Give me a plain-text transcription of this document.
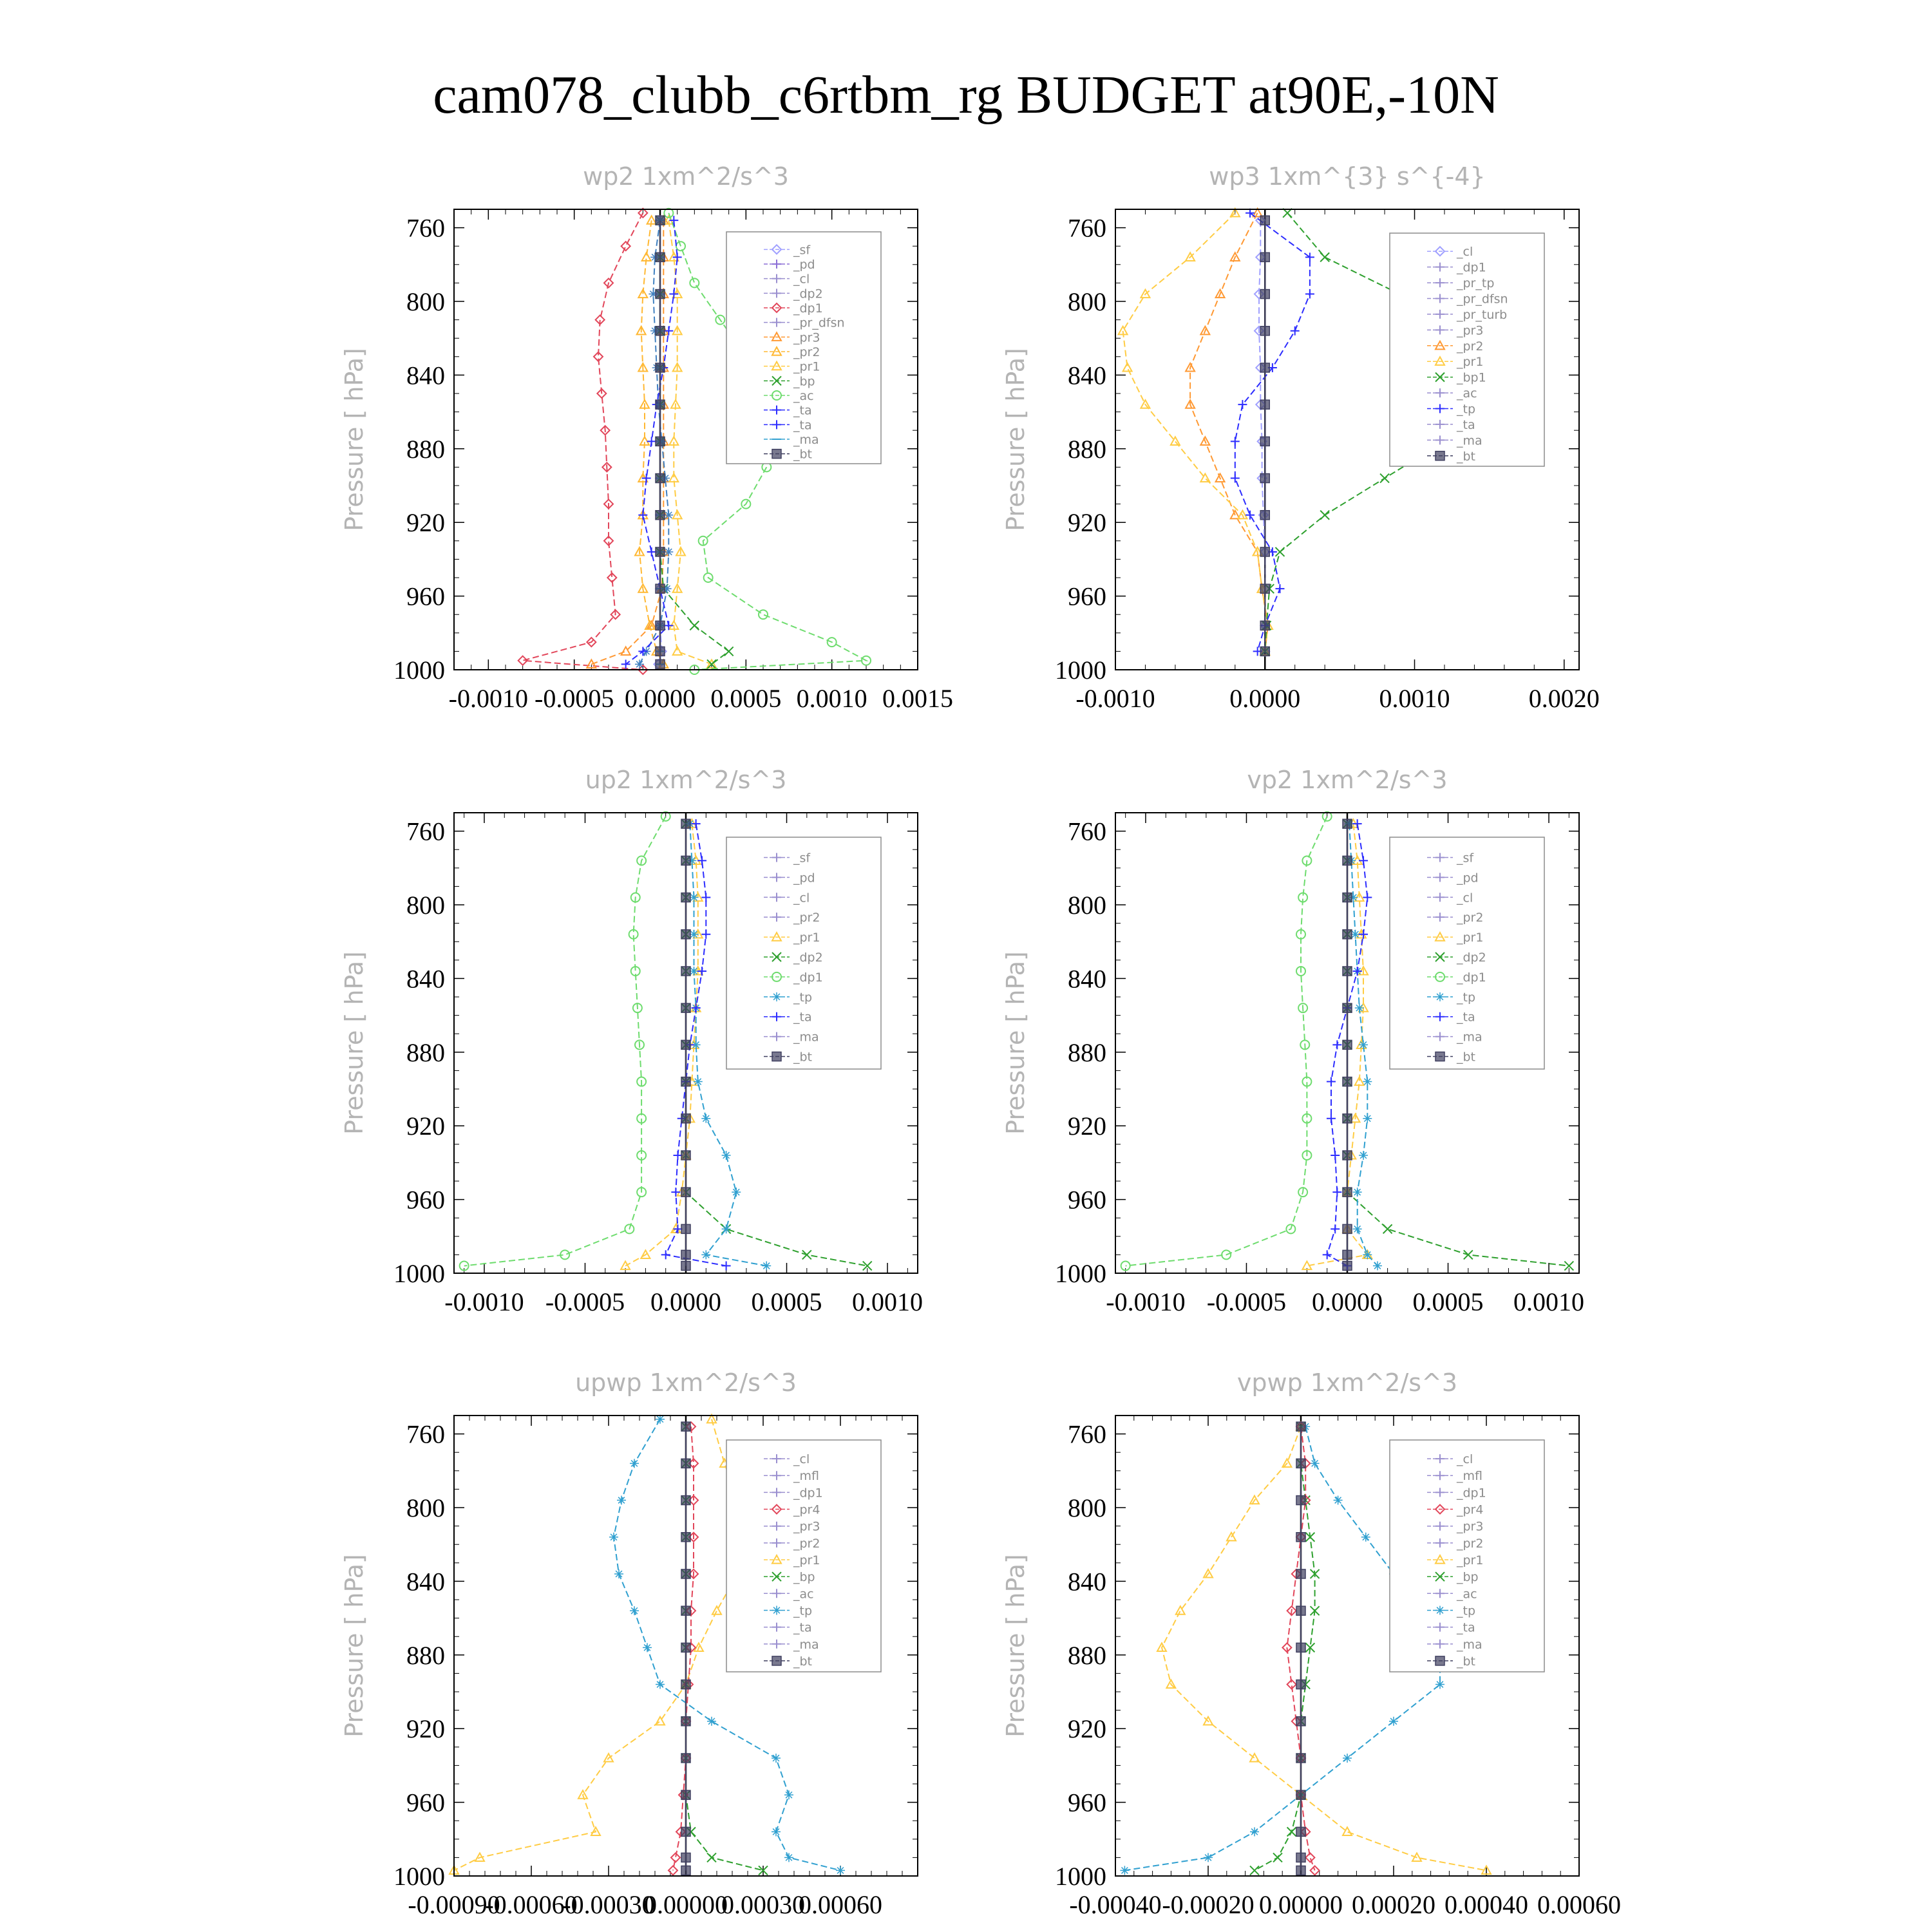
cam078_clubb_c6rtbm_rg BUDGET at90E,-10N
wp2 1xm^2/s^3
Pressure [ hPa]
760
800
840
880
920
960
1000
-0.0010 -0.0005 0.0000 0.0005 0.0010 0.0015
_sf
_pd
_cl
_dp2
_dp1
_pr_dfsn
_pr3
_pr2
_pr1
_bp
_ac
_ta
_ta
_ma
_bt
wp3 1xm^{3} s^{-4}
Pressure [ hPa]
760
800
840
880
920
960
1000
-0.0010	0.0000	0.0010	0.0020
_cl
_dp1
_pr_tp
_pr_dfsn
_pr_turb
_pr3
_pr2
_pr1
_bp1
_ac
_tp
_ta
_ma
_bt
up2 1xm^2/s^3
Pressure [ hPa]
760
800
840
880
920
960
1000
-0.0010 -0.0005 0.0000 0.0005 0.0010
_sf
_pd
_cl
_pr2
_pr1
_dp2
_dp1
_tp
_ta
_ma
_bt
vp2 1xm^2/s^3
Pressure [ hPa]
760
800
840
880
920
960
1000
-0.0010 -0.0005 0.0000 0.0005 0.0010
_sf
_pd
_cl
_pr2
_pr1
_dp2
_dp1
_tp
_ta
_ma
_bt
upwp 1xm^2/s^3
Pressure [ hPa]
760
800
840
880
920
960
1000
-0.00090
-0.00060
-0.00030
0.00000
0.00030
0.00060
_cl
_mfl
_dp1
_pr4
_pr3
_pr2
_pr1
_bp
_ac
_tp
_ta
_ma
_bt
vpwp 1xm^2/s^3
Pressure [ hPa]
760
800
840
880
920
960
1000
-0.00040 -0.00020 0.00000 0.00020 0.00040 0.00060
_cl
_mfl
_dp1
_pr4
_pr3
_pr2
_pr1
_bp
_ac
_tp
_ta
_ma
_bt
